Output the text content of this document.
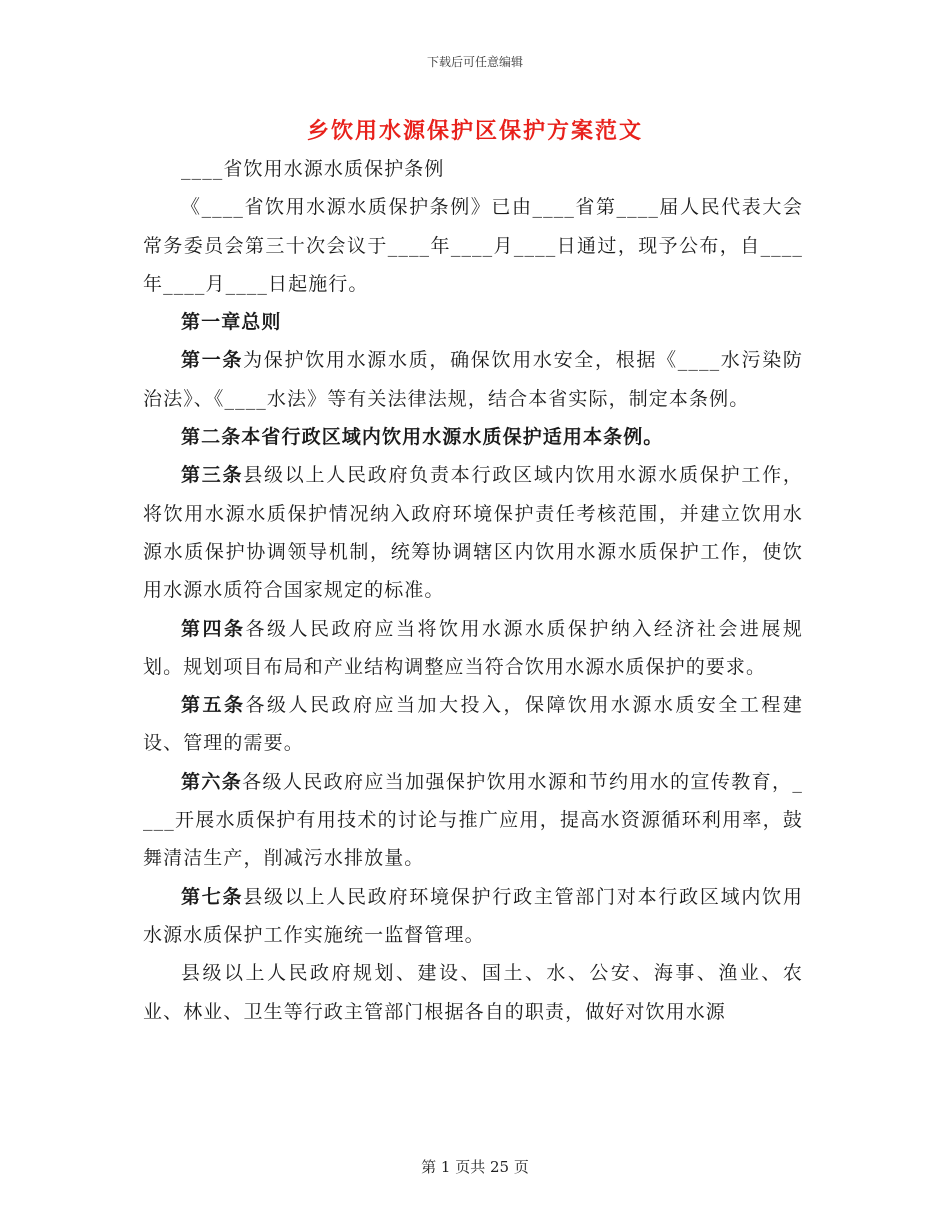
下载后可任意编辑
乡饮用水源保护区保护方案范文

____省饮用水源水质保护条例

《____省饮用水源水质保护条例》已由____省第____届人民代表大会常务委员会第三十次会议于____年____月____日通过，现予公布，自____年____月____日起施行。

第一章总则

第一条为保护饮用水源水质，确保饮用水安全，根据《____水污染防治法》、《____水法》等有关法律法规，结合本省实际，制定本条例。

第二条本省行政区域内饮用水源水质保护适用本条例。

第三条县级以上人民政府负责本行政区域内饮用水源水质保护工作，将饮用水源水质保护情况纳入政府环境保护责任考核范围，并建立饮用水源水质保护协调领导机制，统筹协调辖区内饮用水源水质保护工作，使饮用水源水质符合国家规定的标准。

第四条各级人民政府应当将饮用水源水质保护纳入经济社会进展规划。规划项目布局和产业结构调整应当符合饮用水源水质保护的要求。

第五条各级人民政府应当加大投入，保障饮用水源水质安全工程建设、管理的需要。

第六条各级人民政府应当加强保护饮用水源和节约用水的宣传教育，____开展水质保护有用技术的讨论与推广应用，提高水资源循环利用率，鼓舞清洁生产，削减污水排放量。

第七条县级以上人民政府环境保护行政主管部门对本行政区域内饮用水源水质保护工作实施统一监督管理。

县级以上人民政府规划、建设、国土、水、公安、海事、渔业、农业、林业、卫生等行政主管部门根据各自的职责，做好对饮用水源

第 1 页共 25 页
